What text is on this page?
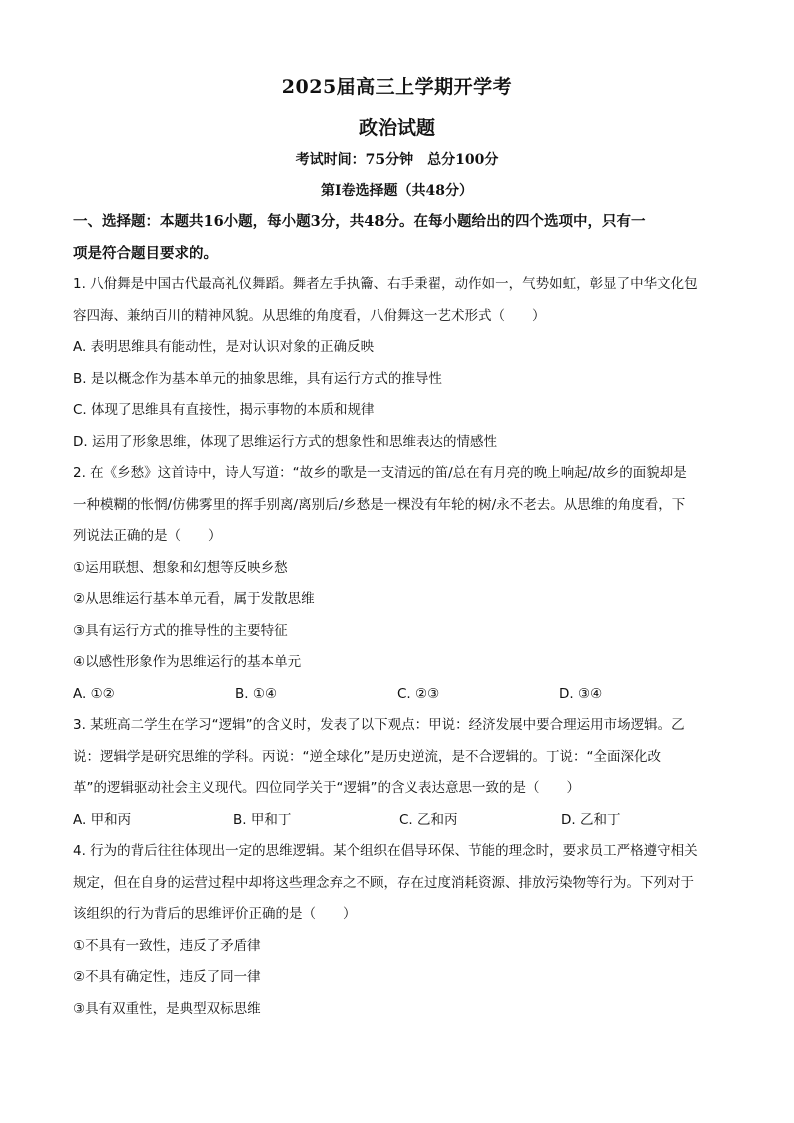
2025届高三上学期开学考
政治试题
考试时间：75分钟　总分100分
第Ⅰ卷选择题（共48分）

一、选择题：本题共16小题，每小题3分，共48分。在每小题给出的四个选项中，只有一

项是符合题目要求的。

1. 八佾舞是中国古代最高礼仪舞蹈。舞者左手执籥、右手秉翟，动作如一，气势如虹，彰显了中华文化包

容四海、兼纳百川的精神风貌。从思维的角度看，八佾舞这一艺术形式（　　）

A. 表明思维具有能动性，是对认识对象的正确反映

B. 是以概念作为基本单元的抽象思维，具有运行方式的推导性

C. 体现了思维具有直接性，揭示事物的本质和规律

D. 运用了形象思维，体现了思维运行方式的想象性和思维表达的情感性

2. 在《乡愁》这首诗中，诗人写道：“故乡的歌是一支清远的笛/总在有月亮的晚上响起/故乡的面貌却是

一种模糊的怅惘/仿佛雾里的挥手别离/离别后/乡愁是一棵没有年轮的树/永不老去。从思维的角度看，下

列说法正确的是（　　）

①运用联想、想象和幻想等反映乡愁

②从思维运行基本单元看，属于发散思维

③具有运行方式的推导性的主要特征

④以感性形象作为思维运行的基本单元

A. ①②	B. ①④	C. ②③	D. ③④

3. 某班高二学生在学习“逻辑”的含义时，发表了以下观点：甲说：经济发展中要合理运用市场逻辑。乙

说：逻辑学是研究思维的学科。丙说：“逆全球化”是历史逆流，是不合逻辑的。丁说：“全面深化改

革”的逻辑驱动社会主义现代。四位同学关于“逻辑”的含义表达意思一致的是（　　）

A. 甲和丙	B. 甲和丁	C. 乙和丙	D. 乙和丁

4. 行为的背后往往体现出一定的思维逻辑。某个组织在倡导环保、节能的理念时，要求员工严格遵守相关

规定，但在自身的运营过程中却将这些理念弃之不顾，存在过度消耗资源、排放污染物等行为。下列对于

该组织的行为背后的思维评价正确的是（　　）

①不具有一致性，违反了矛盾律

②不具有确定性，违反了同一律

③具有双重性，是典型双标思维
